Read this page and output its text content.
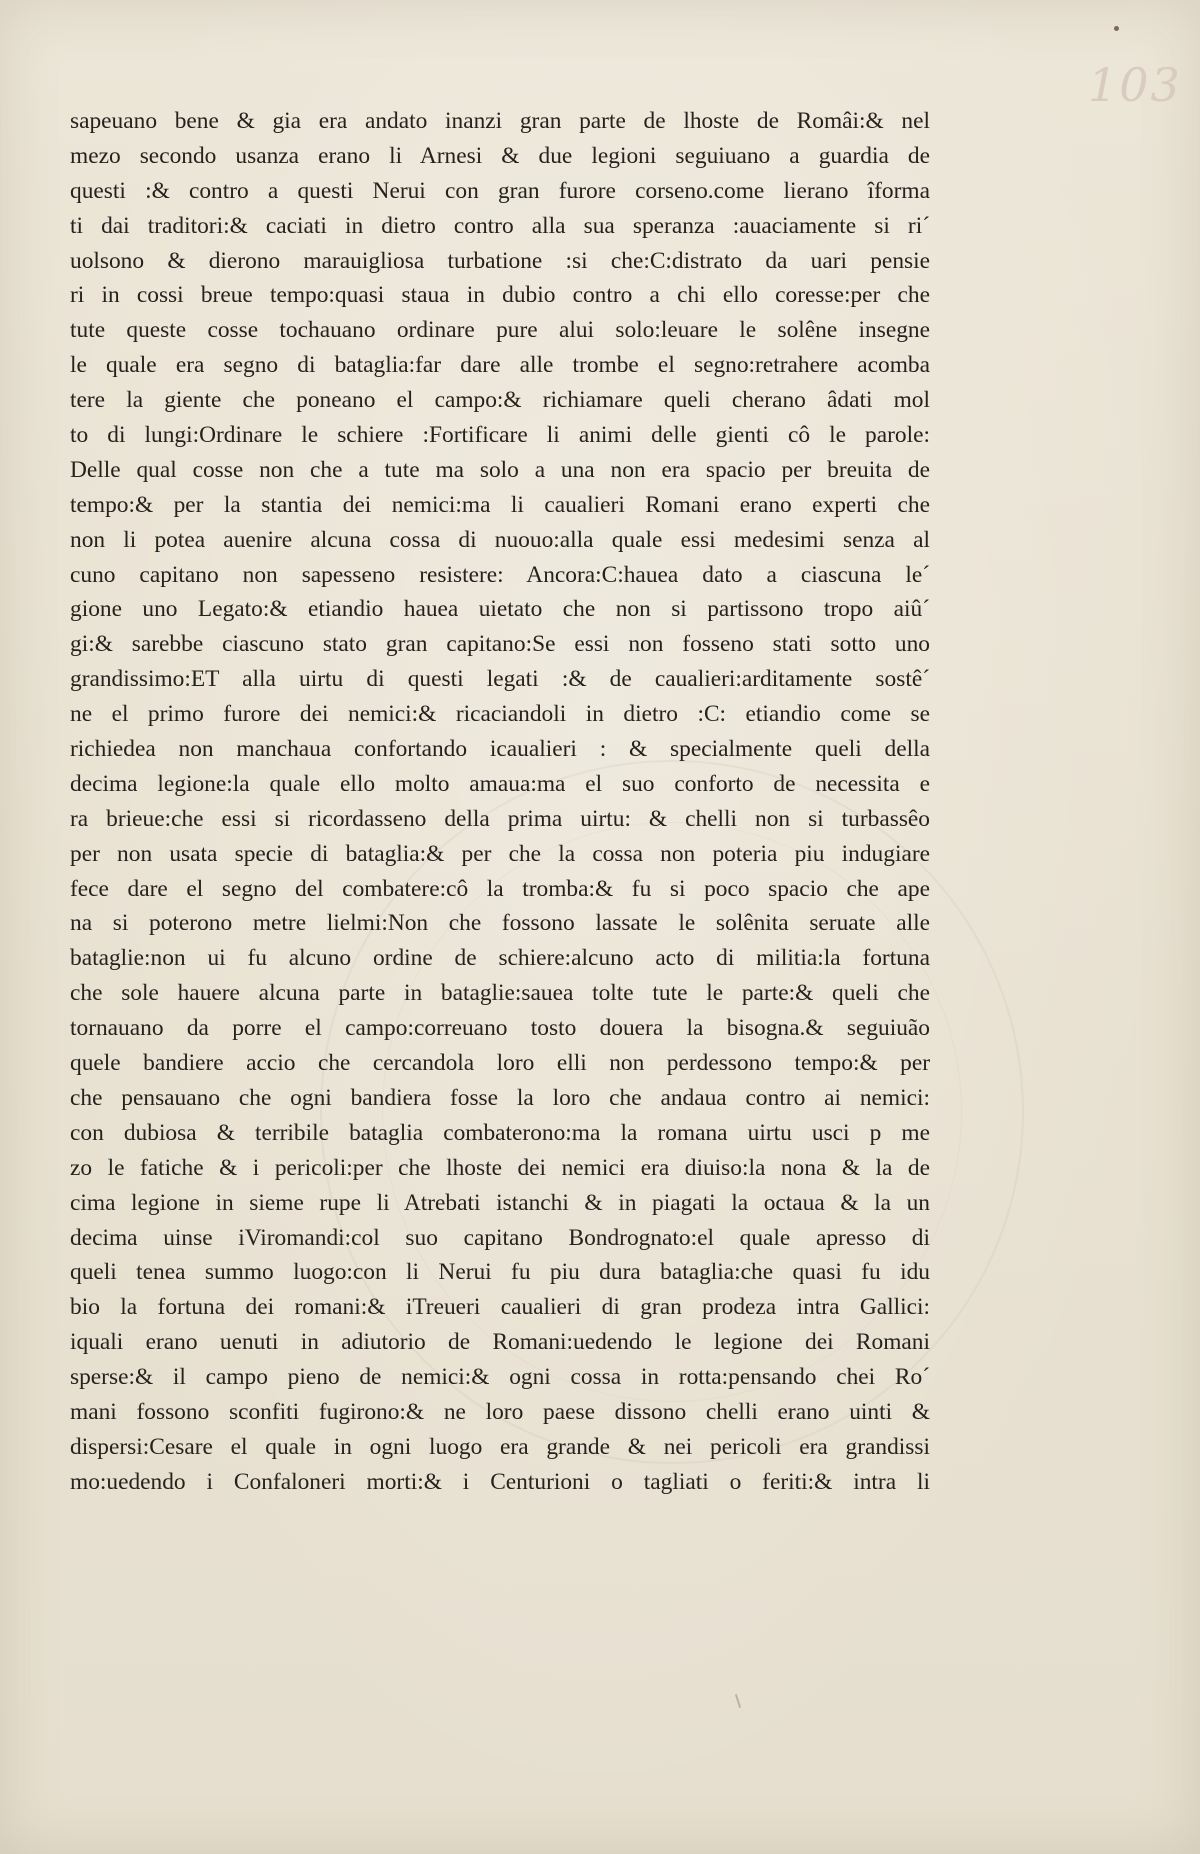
103
sapeuano bene & gia era andato inanzi gran parte de lhoste de Româi:& nel
mezo secondo usanza erano li Arnesi & due legioni seguiuano a guardia de
questi :& contro a questi Nerui con gran furore corseno.come lierano îforma
ti dai traditori:& caciati in dietro contro alla sua speranza :auaciamente si ri´
uolsono & dierono marauigliosa turbatione :si che:C:distrato da uari pensie
ri in cossi breue tempo:quasi staua in dubio contro a chi ello coresse:per che
tute queste cosse tochauano ordinare pure alui solo:leuare le solêne insegne
le quale era segno di bataglia:far dare alle trombe el segno:retrahere acomba
tere la giente che poneano el campo:& richiamare queli cherano âdati mol
to di lungi:Ordinare le schiere :Fortificare li animi delle gienti cô le parole:
Delle qual cosse non che a tute ma solo a una non era spacio per breuita de
tempo:& per la stantia dei nemici:ma li caualieri Romani erano experti che
non li potea auenire alcuna cossa di nuouo:alla quale essi medesimi senza al
cuno capitano non sapesseno resistere: Ancora:C:hauea dato a ciascuna le´
gione uno Legato:& etiandio hauea uietato che non si partissono tropo aiû´
gi:& sarebbe ciascuno stato gran capitano:Se essi non fosseno stati sotto uno
grandissimo:ET alla uirtu di questi legati :& de caualieri:arditamente sostê´
ne el primo furore dei nemici:& ricaciandoli in dietro :C: etiandio come se
richiedea non manchaua confortando icaualieri : & specialmente queli della
decima legione:la quale ello molto amaua:ma el suo conforto de necessita e
ra brieue:che essi si ricordasseno della prima uirtu: & chelli non si turbassêo
per non usata specie di bataglia:& per che la cossa non poteria piu indugiare
fece dare el segno del combatere:cô la tromba:& fu si poco spacio che ape
na si poterono metre lielmi:Non che fossono lassate le solênita seruate alle
bataglie:non ui fu alcuno ordine de schiere:alcuno acto di militia:la fortuna
che sole hauere alcuna parte in bataglie:sauea tolte tute le parte:& queli che
tornauano da porre el campo:correuano tosto douera la bisogna.& seguiuão
quele bandiere accio che cercandola loro elli non perdessono tempo:& per
che pensauano che ogni bandiera fosse la loro che andaua contro ai nemici:
con dubiosa & terribile bataglia combaterono:ma la romana uirtu usci p me
zo le fatiche & i pericoli:per che lhoste dei nemici era diuiso:la nona & la de
cima legione in sieme rupe li Atrebati istanchi & in piagati la octaua & la un
decima uinse iViromandi:col suo capitano Bondrognato:el quale apresso di
queli tenea summo luogo:con li Nerui fu piu dura bataglia:che quasi fu idu
bio la fortuna dei romani:& iTreueri caualieri di gran prodeza intra Gallici:
iquali erano uenuti in adiutorio de Romani:uedendo le legione dei Romani
sperse:& il campo pieno de nemici:& ogni cossa in rotta:pensando chei Ro´
mani fossono sconfiti fugirono:& ne loro paese dissono chelli erano uinti &
dispersi:Cesare el quale in ogni luogo era grande & nei pericoli era grandissi
mo:uedendo i Confaloneri morti:& i Centurioni o tagliati o feriti:& intra li
